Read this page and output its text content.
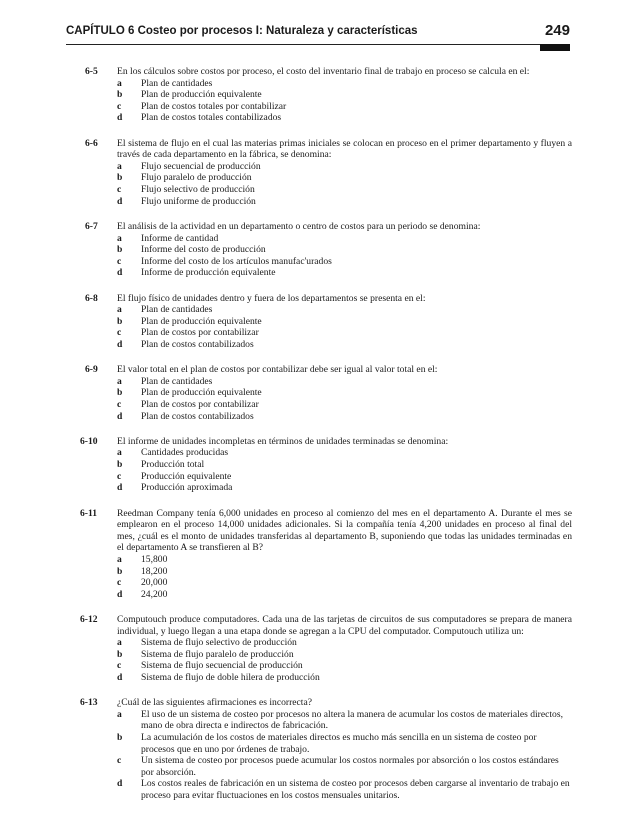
CAPÍTULO 6 Costeo por procesos I: Naturaleza y características	249
6-5 En los cálculos sobre costos por proceso, el costo del inventario final de trabajo en proceso se calcula en el:
a	Plan de cantidades
b	Plan de producción equivalente
c	Plan de costos totales por contabilizar
d	Plan de costos totales contabilizados
6-6 El sistema de flujo en el cual las materias primas iniciales se colocan en proceso en el primer departamento y fluyen a través de cada departamento en la fábrica, se denomina:
a	Flujo secuencial de producción
b	Flujo paralelo de producción
c	Flujo selectivo de producción
d	Flujo uniforme de producción
6-7 El análisis de la actividad en un departamento o centro de costos para un periodo se denomina:
a	Informe de cantidad
b	Informe del costo de producción
c	Informe del costo de los artículos manufac'urados
d	Informe de producción equivalente
6-8 El flujo físico de unidades dentro y fuera de los departamentos se presenta en el:
a	Plan de cantidades
b	Plan de producción equivalente
c	Plan de costos por contabilizar
d	Plan de costos contabilizados
6-9 El valor total en el plan de costos por contabilizar debe ser igual al valor total en el:
a	Plan de cantidades
b	Plan de producción equivalente
c	Plan de costos por contabilizar
d	Plan de costos contabilizados
6-10 El informe de unidades incompletas en términos de unidades terminadas se denomina:
a	Cantidades producidas
b	Producción total
c	Producción equivalente
d	Producción aproximada
6-11 Reedman Company tenía 6,000 unidades en proceso al comienzo del mes en el departamento A. Durante el mes se emplearon en el proceso 14,000 unidades adicionales. Si la compañía tenía 4,200 unidades en proceso al final del mes, ¿cuál es el monto de unidades transferidas al departamento B, suponiendo que todas las unidades terminadas en el departamento A se transfieren al B?
a	15,800
b	18,200
c	20,000
d	24,200
6-12 Computouch produce computadores. Cada una de las tarjetas de circuitos de sus computadores se prepara de manera individual, y luego llegan a una etapa donde se agregan a la CPU del computador. Computouch utiliza un:
a	Sistema de flujo selectivo de producción
b	Sistema de flujo paralelo de producción
c	Sistema de flujo secuencial de producción
d	Sistema de flujo de doble hilera de producción
6-13 ¿Cuál de las siguientes afirmaciones es incorrecta?
a	El uso de un sistema de costeo por procesos no altera la manera de acumular los costos de materiales directos, mano de obra directa e indirectos de fabricación.
b	La acumulación de los costos de materiales directos es mucho más sencilla en un sistema de costeo por procesos que en uno por órdenes de trabajo.
c	Un sistema de costeo por procesos puede acumular los costos normales por absorción o los costos estándares por absorción.
d	Los costos reales de fabricación en un sistema de costeo por procesos deben cargarse al inventario de trabajo en proceso para evitar fluctuaciones en los costos mensuales unitarios.
